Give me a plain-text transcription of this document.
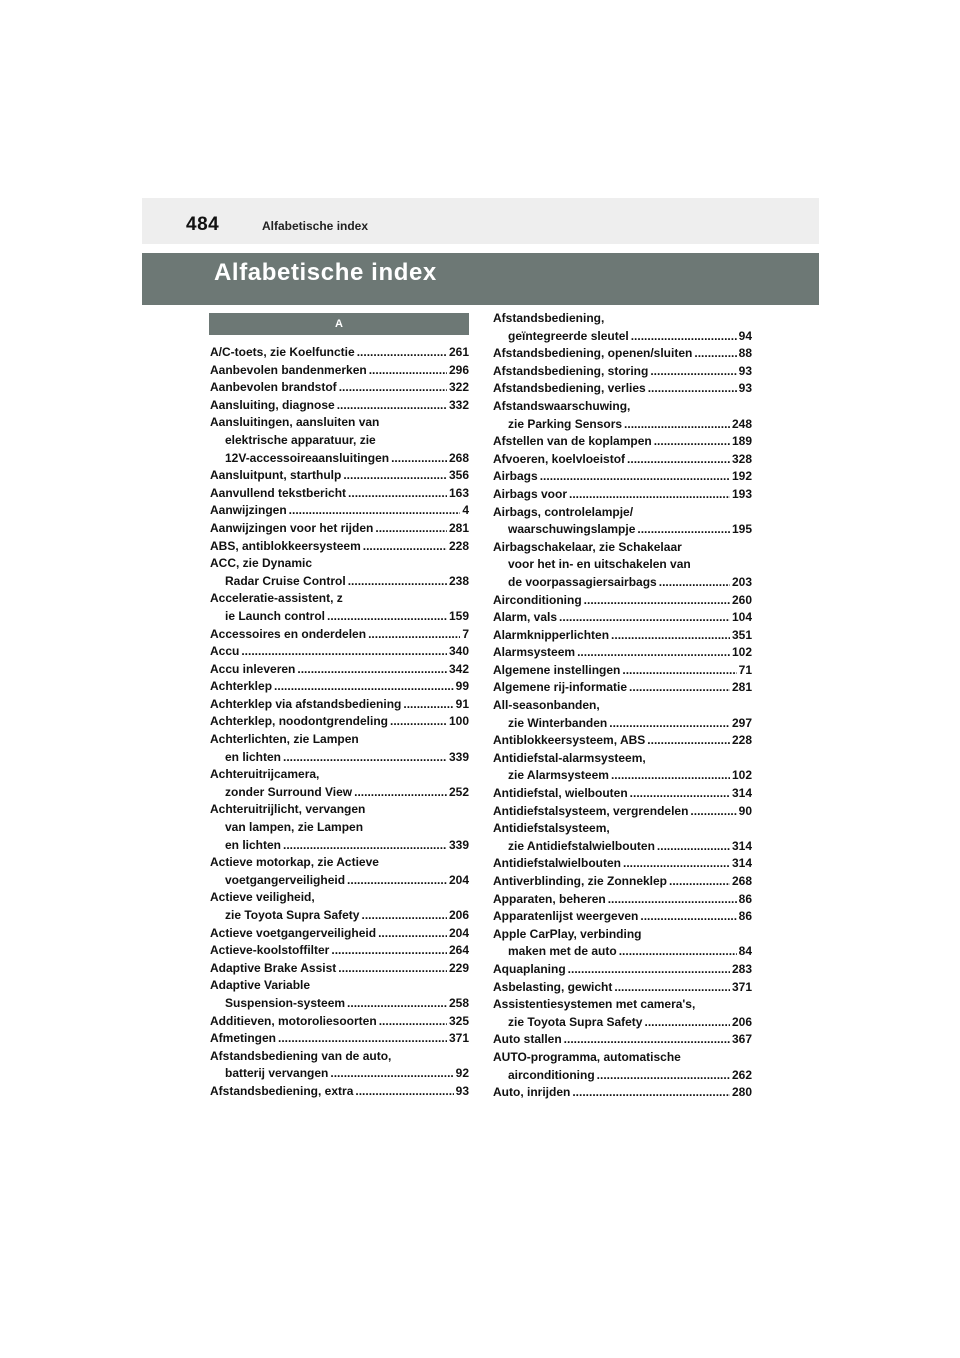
484	Alfabetische index
Alfabetische index
A
A/C-toets, zie Koelfunctie .....	261
Aanbevolen bandenmerken .....	296
Aanbevolen brandstof .....	322
Aansluiting, diagnose .....	332
Aansluitingen, aansluiten van
elektrische apparatuur, zie
12V-accessoireaansluitingen .....	268
Aansluitpunt, starthulp .....	356
Aanvullend tekstbericht .....	163
Aanwijzingen .....	4
Aanwijzingen voor het rijden .....	281
ABS, antiblokkeersysteem .....	228
ACC, zie Dynamic
Radar Cruise Control .....	238
Acceleratie-assistent, z
ie Launch control .....	159
Accessoires en onderdelen .....	7
Accu .....	340
Accu inleveren .....	342
Achterklep .....	99
Achterklep via afstandsbediening .....	91
Achterklep, noodontgrendeling .....	100
Achterlichten, zie Lampen
en lichten .....	339
Achteruitrijcamera,
zonder Surround View .....	252
Achteruitrijlicht, vervangen
van lampen, zie Lampen
en lichten .....	339
Actieve motorkap, zie Actieve
voetgangerveiligheid .....	204
Actieve veiligheid,
zie Toyota Supra Safety .....	206
Actieve voetgangerveiligheid .....	204
Actieve-koolstoffilter .....	264
Adaptive Brake Assist .....	229
Adaptive Variable
Suspension-systeem .....	258
Additieven, motoroliesoorten .....	325
Afmetingen .....	371
Afstandsbediening van de auto,
batterij vervangen .....	92
Afstandsbediening, extra .....	93
Afstandsbediening,
geïntegreerde sleutel .....	94
Afstandsbediening, openen/sluiten .....	88
Afstandsbediening, storing .....	93
Afstandsbediening, verlies .....	93
Afstandswaarschuwing,
zie Parking Sensors .....	248
Afstellen van de koplampen .....	189
Afvoeren, koelvloeistof .....	328
Airbags .....	192
Airbags voor .....	193
Airbags, controlelampje/
waarschuwingslampje .....	195
Airbagschakelaar, zie Schakelaar
voor het in- en uitschakelen van
de voorpassagiersairbags .....	203
Airconditioning .....	260
Alarm, vals .....	104
Alarmknipperlichten .....	351
Alarmsysteem .....	102
Algemene instellingen .....	71
Algemene rij-informatie .....	281
All-seasonbanden,
zie Winterbanden .....	297
Antiblokkeersysteem, ABS .....	228
Antidiefstal-alarmsysteem,
zie Alarmsysteem .....	102
Antidiefstal, wielbouten .....	314
Antidiefstalsysteem, vergrendelen .....	90
Antidiefstalsysteem,
zie Antidiefstalwielbouten .....	314
Antidiefstalwielbouten .....	314
Antiverblinding, zie Zonneklep .....	268
Apparaten, beheren .....	86
Apparatenlijst weergeven .....	86
Apple CarPlay, verbinding
maken met de auto .....	84
Aquaplaning .....	283
Asbelasting, gewicht .....	371
Assistentiesystemen met camera's,
zie Toyota Supra Safety .....	206
Auto stallen .....	367
AUTO-programma, automatische
airconditioning .....	262
Auto, inrijden .....	280
